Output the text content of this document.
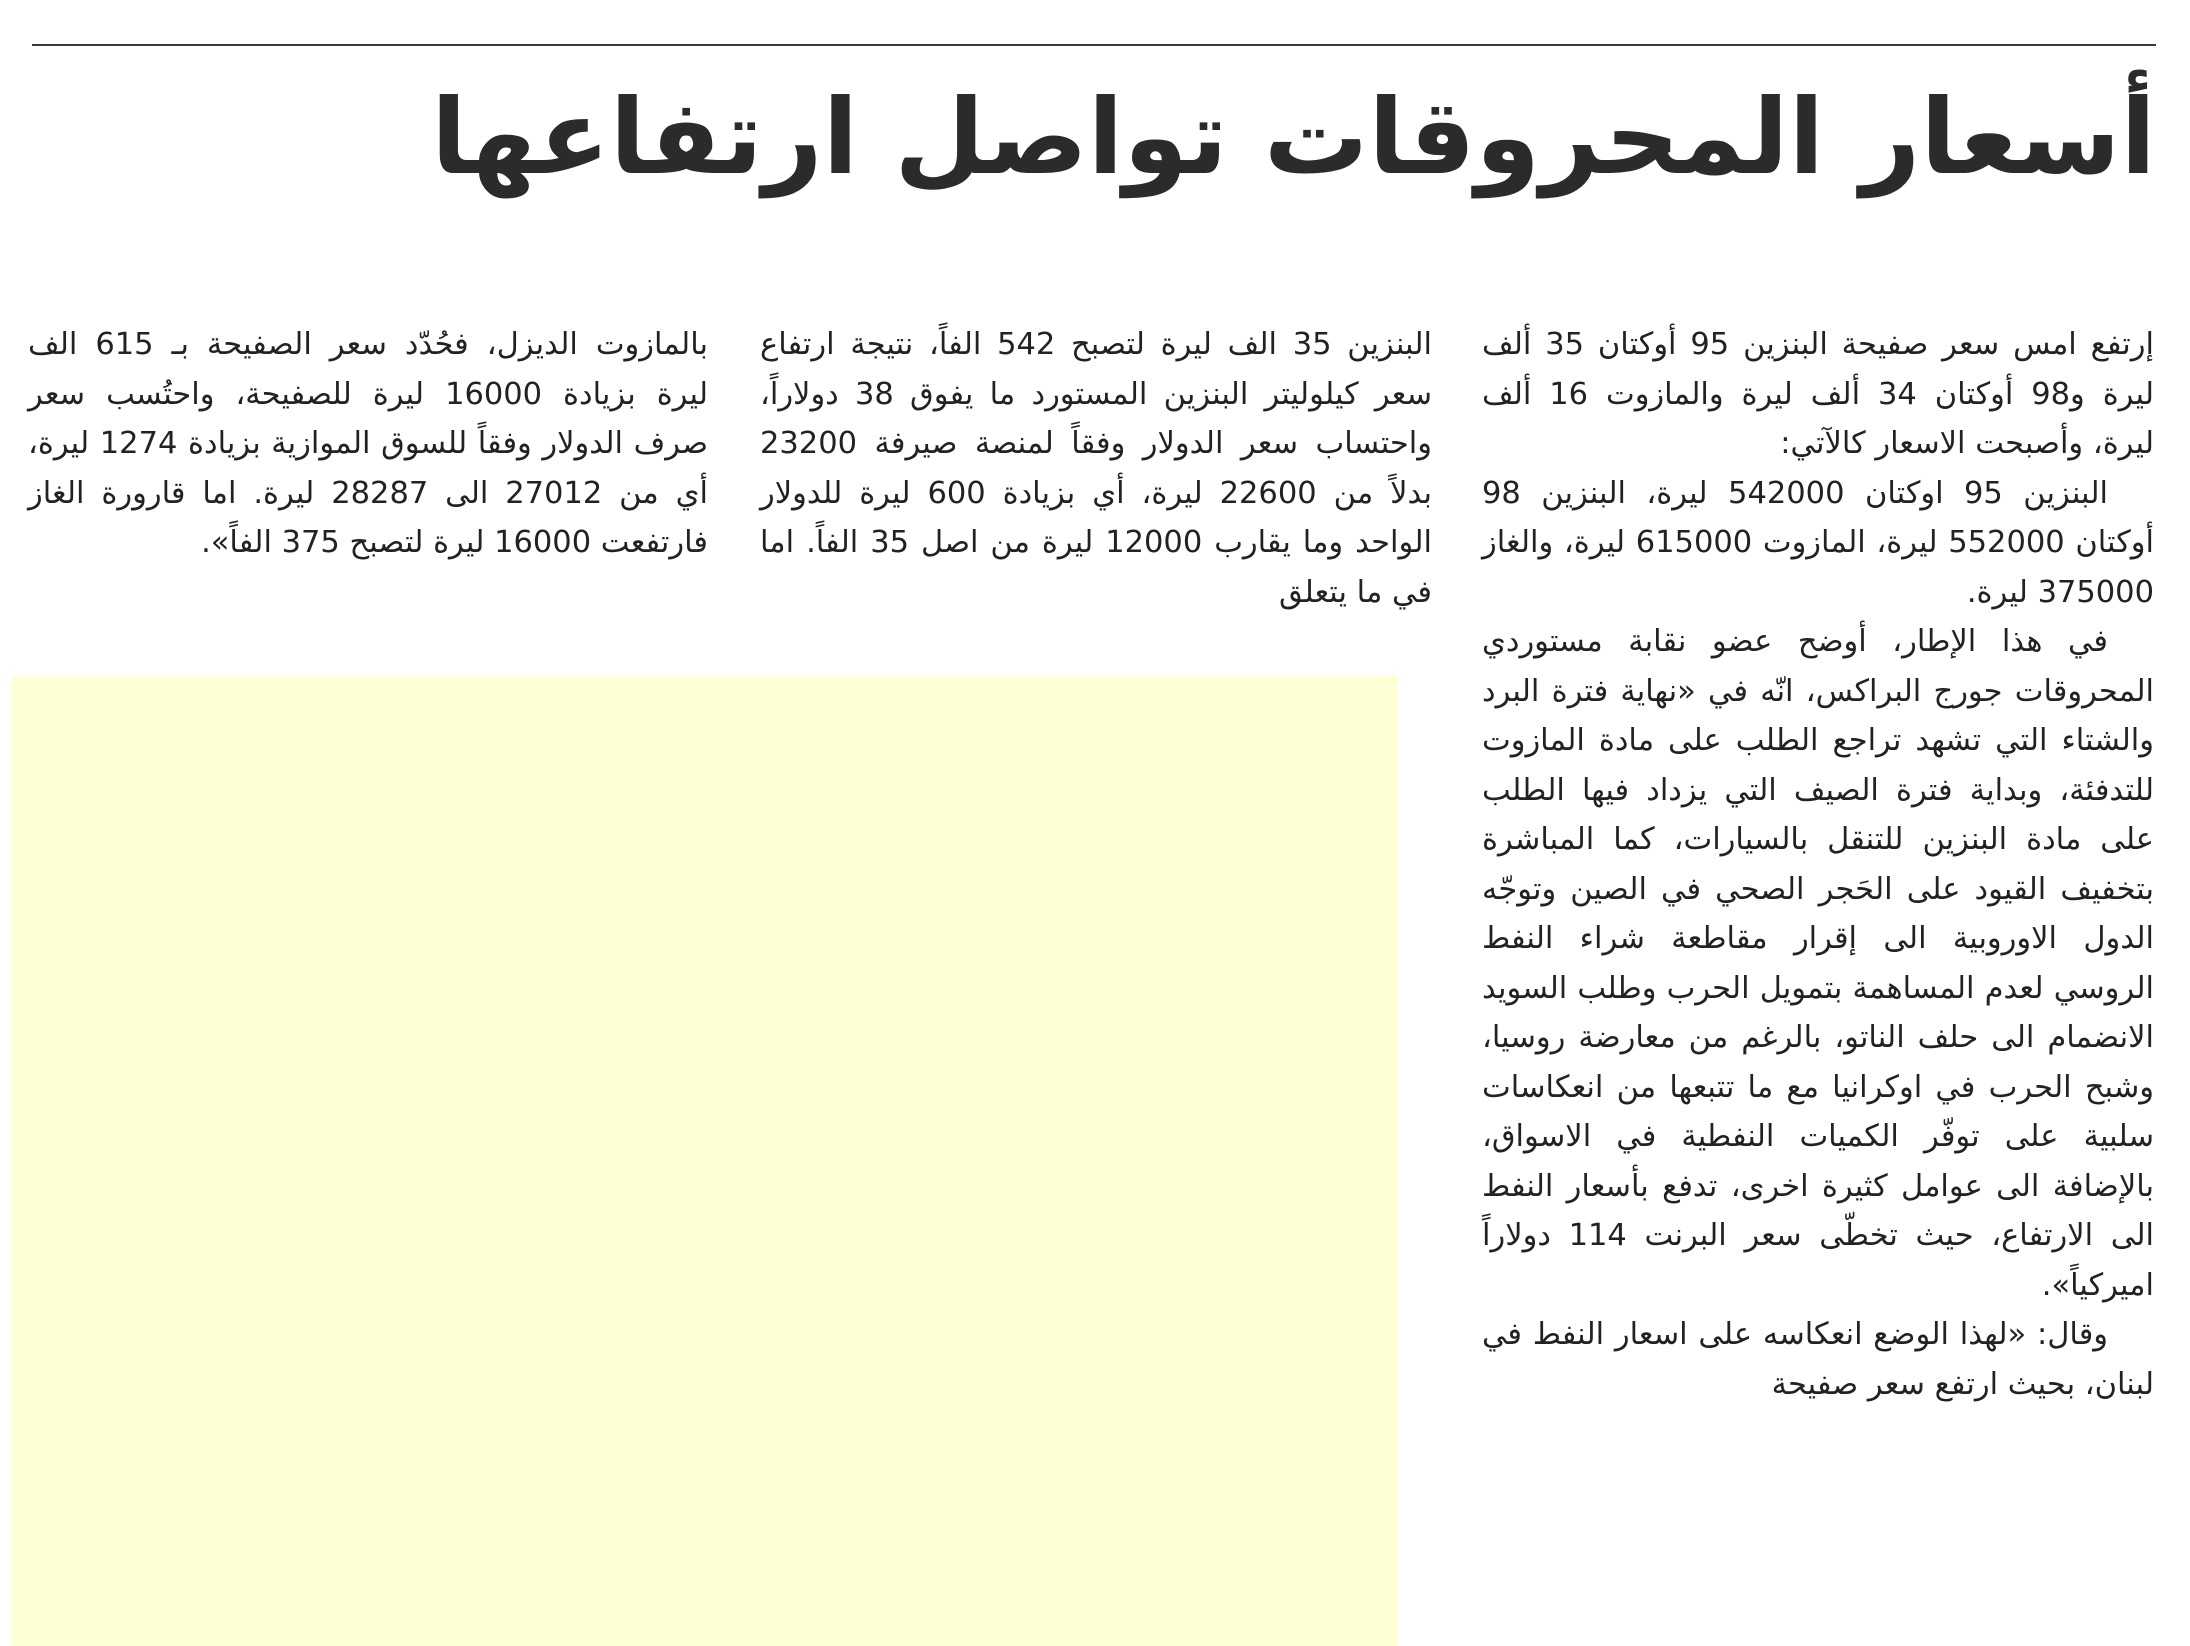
أسعار المحروقات تواصل ارتفاعها

إرتفع امس سعر صفيحة البنزين 95 أوكتان 35 ألف ليرة و98 أوكتان 34 ألف ليرة والمازوت 16 ألف ليرة، وأصبحت الاسعار كالآتي:

البنزين 95 اوكتان 542000 ليرة، البنزين 98 أوكتان 552000 ليرة، المازوت 615000 ليرة، والغاز 375000 ليرة.

في هذا الإطار، أوضح عضو نقابة مستوردي المحروقات جورج البراكس، انّه في «نهاية فترة البرد والشتاء التي تشهد تراجع الطلب على مادة المازوت للتدفئة، وبداية فترة الصيف التي يزداد فيها الطلب على مادة البنزين للتنقل بالسيارات، كما المباشرة بتخفيف القيود على الحَجر الصحي في الصين وتوجّه الدول الاوروبية الى إقرار مقاطعة شراء النفط الروسي لعدم المساهمة بتمويل الحرب وطلب السويد الانضمام الى حلف الناتو، بالرغم من معارضة روسيا، وشبح الحرب في اوكرانيا مع ما تتبعها من انعكاسات سلبية على توفّر الكميات النفطية في الاسواق، بالإضافة الى عوامل كثيرة اخرى، تدفع بأسعار النفط الى الارتفاع، حيث تخطّى سعر البرنت 114 دولاراً اميركياً».

وقال: «لهذا الوضع انعكاسه على اسعار النفط في لبنان، بحيث ارتفع سعر صفيحة

البنزين 35 الف ليرة لتصبح 542 الفاً، نتيجة ارتفاع سعر كيلوليتر البنزين المستورد ما يفوق 38 دولاراً، واحتساب سعر الدولار وفقاً لمنصة صيرفة 23200 بدلاً من 22600 ليرة، أي بزيادة 600 ليرة للدولار الواحد وما يقارب 12000 ليرة من اصل 35 الفاً. اما في ما يتعلق

بالمازوت الديزل، فحُدّد سعر الصفيحة بـ 615 الف ليرة بزيادة 16000 ليرة للصفيحة، واحتُسب سعر صرف الدولار وفقاً للسوق الموازية بزيادة 1274 ليرة، أي من 27012 الى 28287 ليرة. اما قارورة الغاز فارتفعت 16000 ليرة لتصبح 375 الفاً».
